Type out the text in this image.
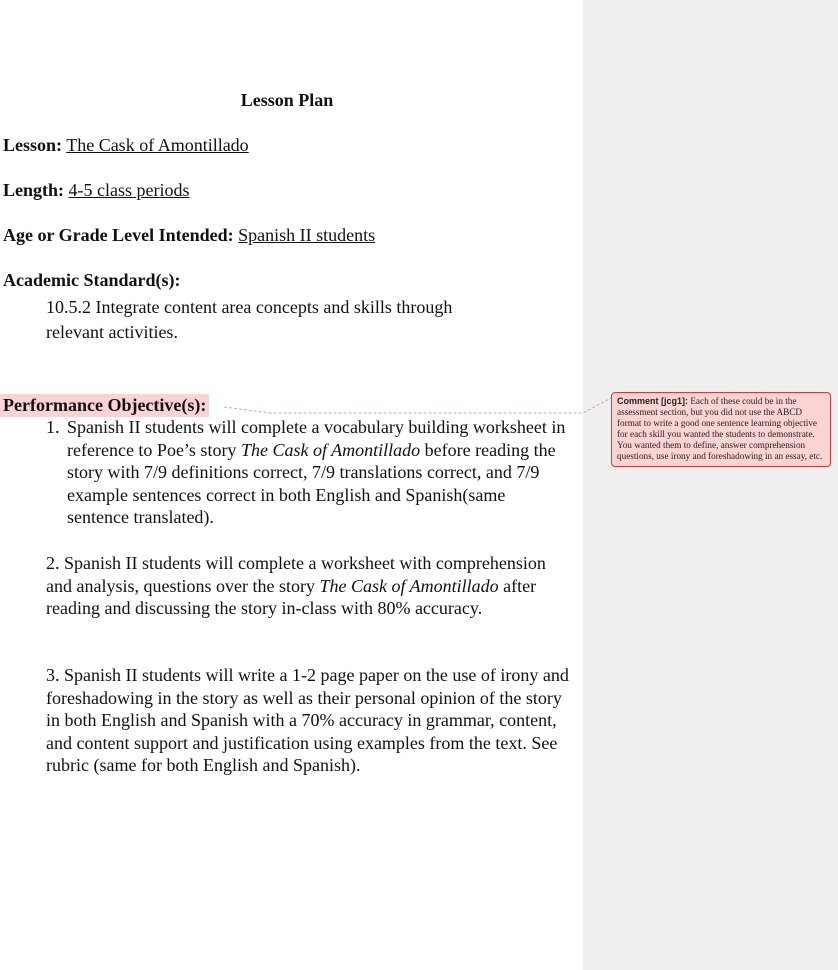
Lesson Plan
Lesson: The Cask of Amontillado
Length: 4-5 class periods
Age or Grade Level Intended: Spanish II students
Academic Standard(s):
10.5.2 Integrate content area concepts and skills through
relevant activities.
Performance Objective(s):
1. Spanish II students will complete a vocabulary building worksheet in reference to Poe’s story The Cask of Amontillado before reading the story with 7/9 definitions correct, 7/9 translations correct, and 7/9 example sentences correct in both English and Spanish(same sentence translated).
2. Spanish II students will complete a worksheet with comprehension and analysis, questions over the story The Cask of Amontillado after reading and discussing the story in-class with 80% accuracy.
3. Spanish II students will write a 1-2 page paper on the use of irony and foreshadowing in the story as well as their personal opinion of the story in both English and Spanish with a 70% accuracy in grammar, content, and content support and justification using examples from the text. See rubric (same for both English and Spanish).
Comment [jcg1]: Each of these could be in the assessment section, but you did not use the ABCD format to write a good one sentence learning objective for each skill you wanted the students to demonstrate. You wanted them to define, answer comprehension questions, use irony and foreshadowing in an essay, etc.
